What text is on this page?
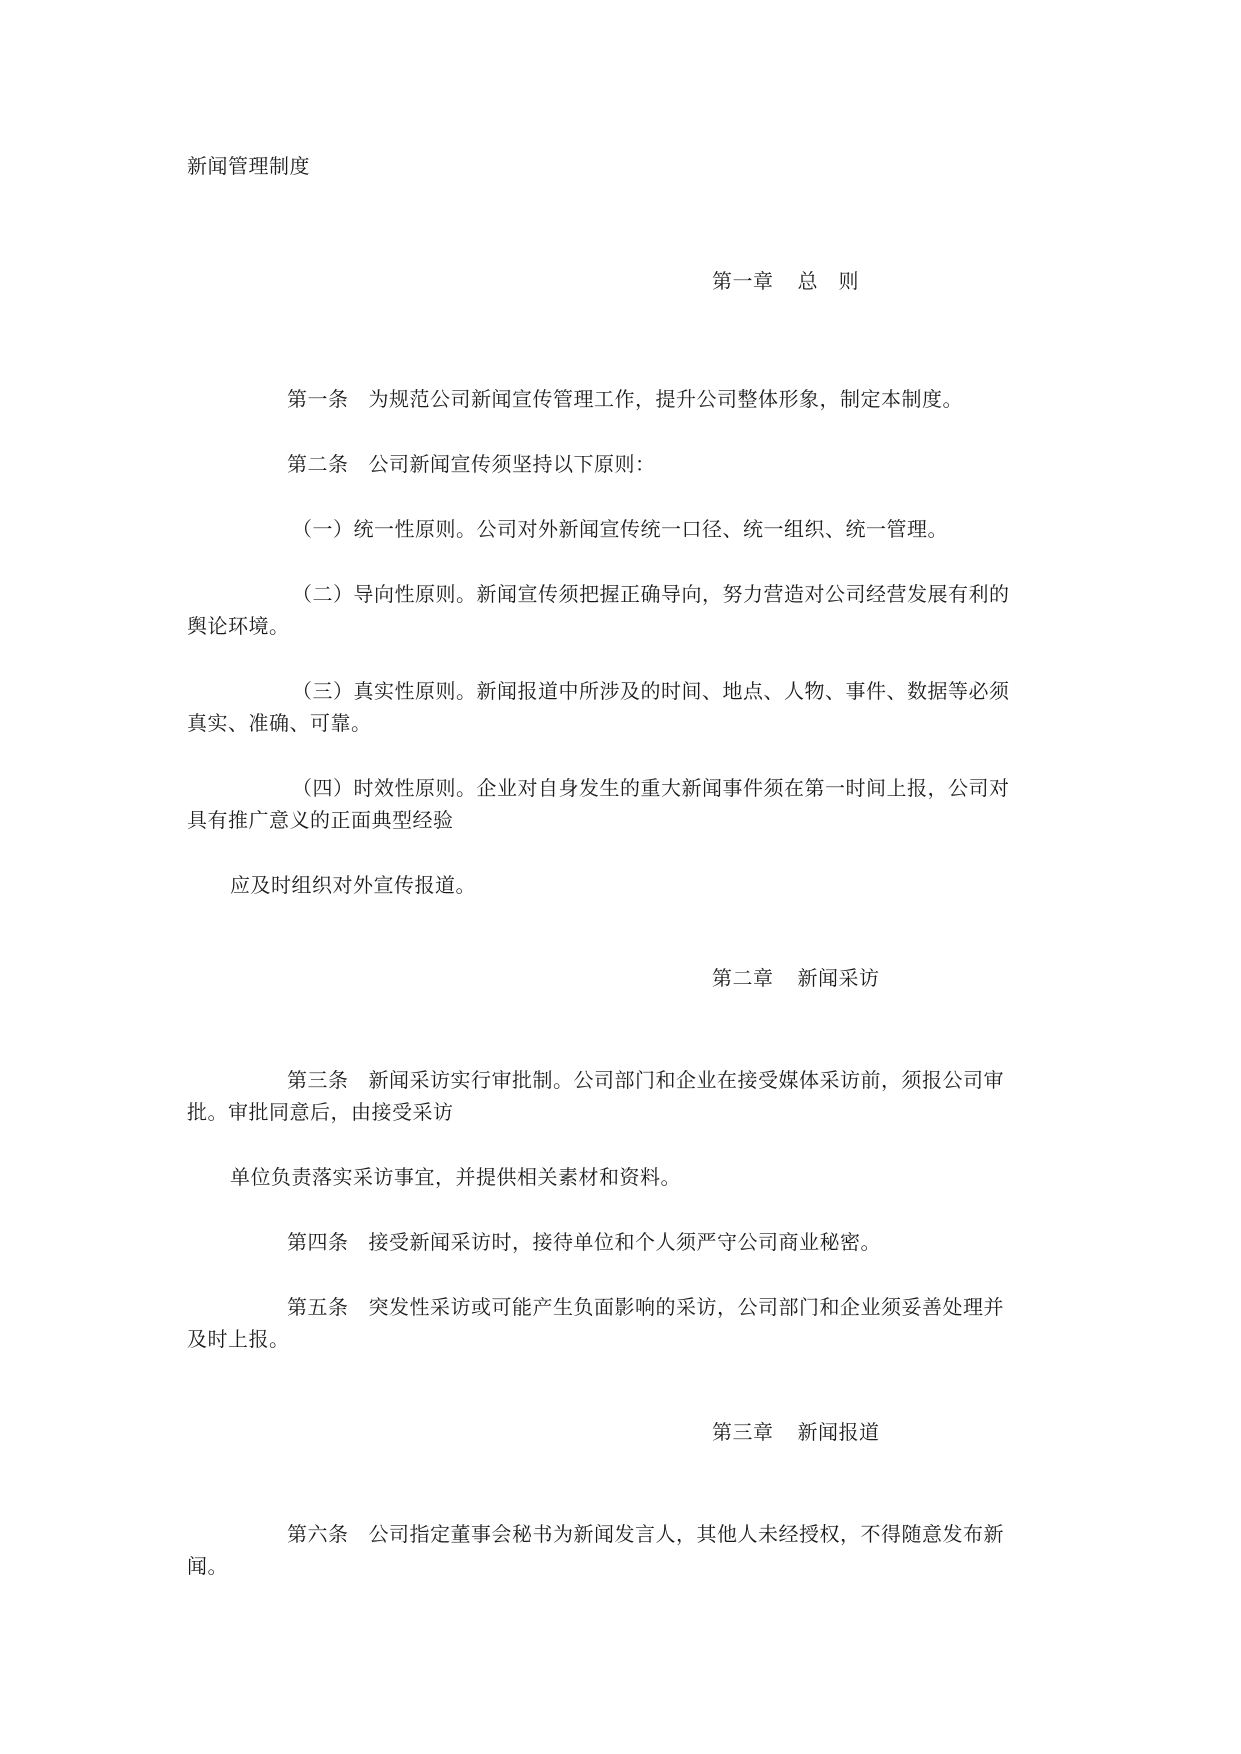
新闻管理制度
第一章 总　则
第一条 为规范公司新闻宣传管理工作，提升公司整体形象，制定本制度。
第二条 公司新闻宣传须坚持以下原则：
（一）统一性原则。公司对外新闻宣传统一口径、统一组织、统一管理。
（二）导向性原则。新闻宣传须把握正确导向，努力营造对公司经营发展有利的
舆论环境。
（三）真实性原则。新闻报道中所涉及的时间、地点、人物、事件、数据等必须
真实、准确、可靠。
（四）时效性原则。企业对自身发生的重大新闻事件须在第一时间上报，公司对
具有推广意义的正面典型经验
应及时组织对外宣传报道。
第二章 新闻采访
第三条 新闻采访实行审批制。公司部门和企业在接受媒体采访前，须报公司审
批。审批同意后，由接受采访
单位负责落实采访事宜，并提供相关素材和资料。
第四条 接受新闻采访时，接待单位和个人须严守公司商业秘密。
第五条 突发性采访或可能产生负面影响的采访，公司部门和企业须妥善处理并
及时上报。
第三章 新闻报道
第六条 公司指定董事会秘书为新闻发言人，其他人未经授权，不得随意发布新
闻。
